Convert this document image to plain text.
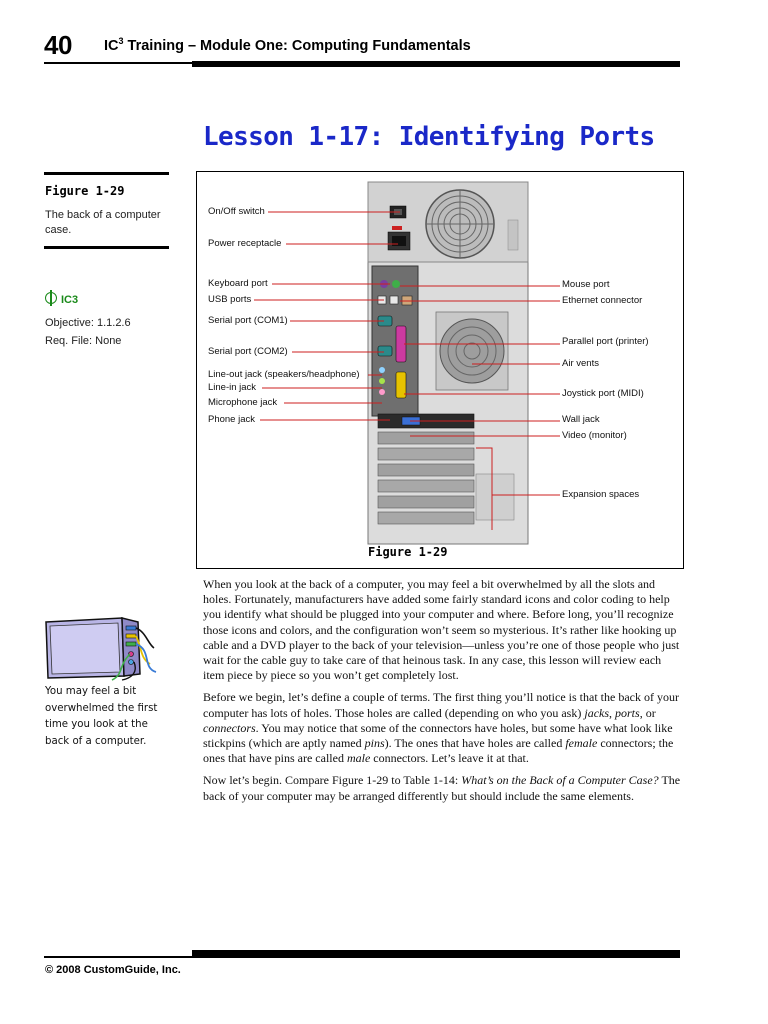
40 $IC^3$ Training – Module One: Computing Fundamentals
Lesson 1-17: Identifying Ports
Figure 1-29
The back of a computer case.
IC3
Objective: 1.1.2.6
Req. File: None
You may feel a bit overwhelmed the first time you look at the back of a computer.
On/Off switch
Power receptacle
Keyboard port
USB ports
Serial port (COM1)
Serial port (COM2)
Line-out jack (speakers/headphone)
Line-in jack
Microphone jack
Phone jack
Mouse port
Ethernet connector
Parallel port (printer)
Air vents
Joystick port (MIDI)
Wall jack
Video (monitor)
Expansion spaces
Figure 1-29

When you look at the back of a computer, you may feel a bit overwhelmed by all the slots and holes. Fortunately, manufacturers have added some fairly standard icons and color coding to help you identify what should be plugged into your computer and where. Before long, you’ll recognize those icons and colors, and the configuration won’t seem so mysterious. It’s rather like hooking up cable and a DVD player to the back of your television—unless you’re one of those people who just wait for the cable guy to take care of that heinous task. In any case, this lesson will review each item piece by piece so you won’t get completely lost.

Before we begin, let’s define a couple of terms. The first thing you’ll notice is that the back of your computer has lots of holes. Those holes are called (depending on who you ask) jacks, ports, or connectors. You may notice that some of the connectors have holes, but some have what look like stickpins (which are aptly named pins). The ones that have holes are called female connectors; the ones that have pins are called male connectors. Let’s leave it at that.

Now let’s begin. Compare Figure 1-29 to Table 1-14: What’s on the Back of a Computer Case? The back of your computer may be arranged differently but should include the same elements.

© 2008 CustomGuide, Inc.
